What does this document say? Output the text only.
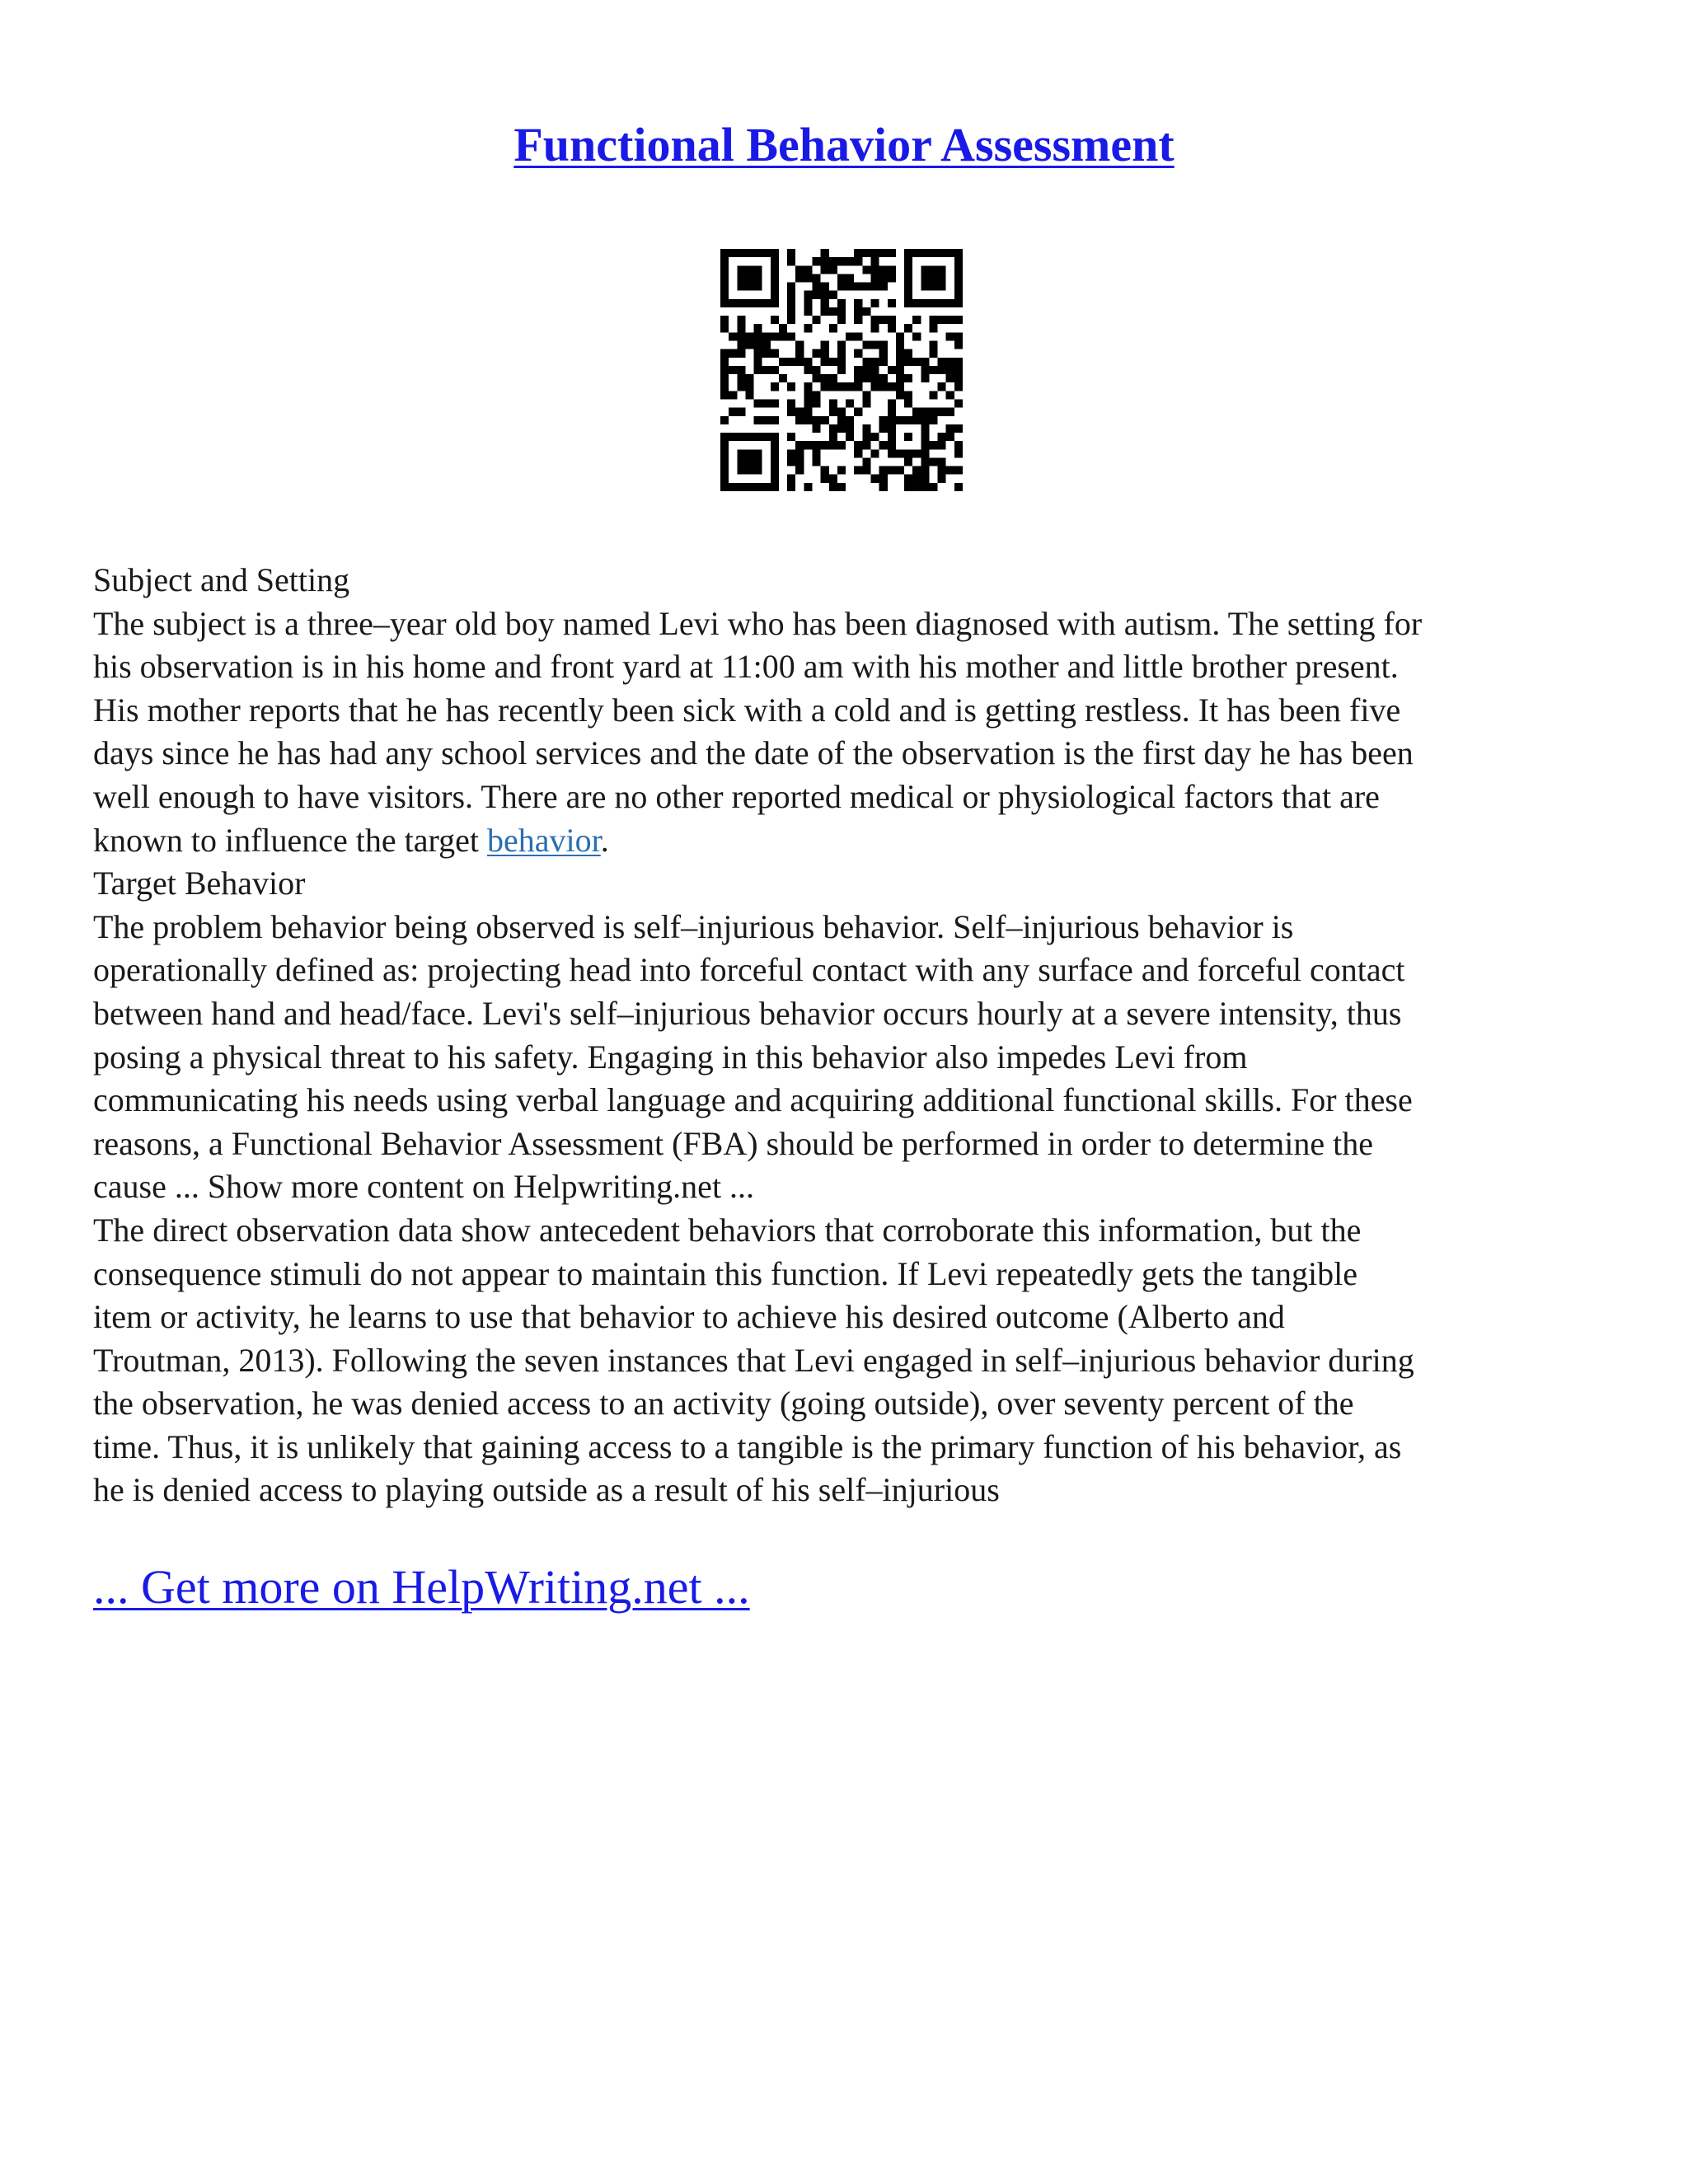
Functional Behavior Assessment
Subject and Setting
The subject is a three–year old boy named Levi who has been diagnosed with autism. The setting for
his observation is in his home and front yard at 11:00 am with his mother and little brother present.
His mother reports that he has recently been sick with a cold and is getting restless. It has been five
days since he has had any school services and the date of the observation is the first day he has been
well enough to have visitors. There are no other reported medical or physiological factors that are
known to influence the target behavior.
Target Behavior
The problem behavior being observed is self–injurious behavior. Self–injurious behavior is
operationally defined as: projecting head into forceful contact with any surface and forceful contact
between hand and head/face. Levi's self–injurious behavior occurs hourly at a severe intensity, thus
posing a physical threat to his safety. Engaging in this behavior also impedes Levi from
communicating his needs using verbal language and acquiring additional functional skills. For these
reasons, a Functional Behavior Assessment (FBA) should be performed in order to determine the
cause ... Show more content on Helpwriting.net ...
The direct observation data show antecedent behaviors that corroborate this information, but the
consequence stimuli do not appear to maintain this function. If Levi repeatedly gets the tangible
item or activity, he learns to use that behavior to achieve his desired outcome (Alberto and
Troutman, 2013). Following the seven instances that Levi engaged in self–injurious behavior during
the observation, he was denied access to an activity (going outside), over seventy percent of the
time. Thus, it is unlikely that gaining access to a tangible is the primary function of his behavior, as
he is denied access to playing outside as a result of his self–injurious
... Get more on HelpWriting.net ...
